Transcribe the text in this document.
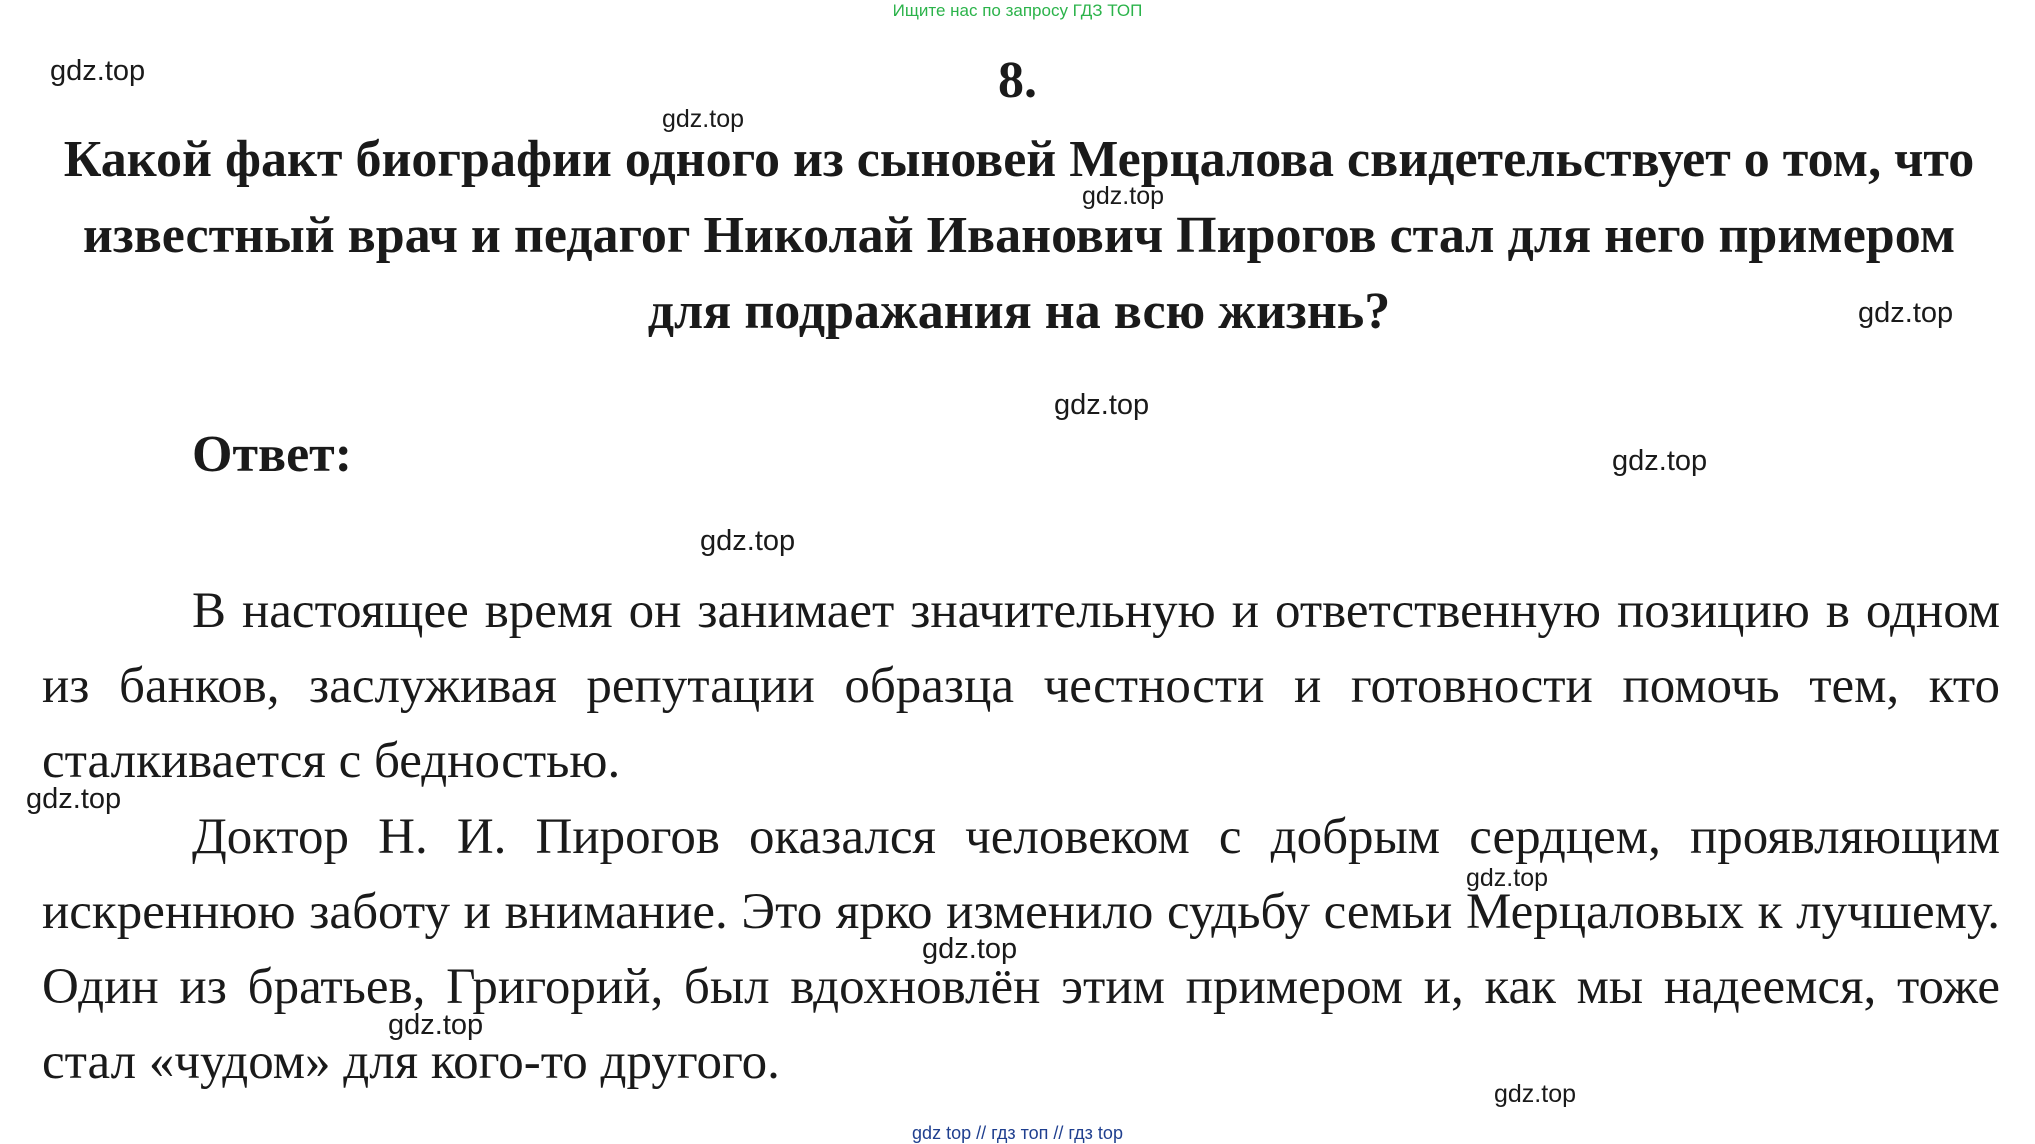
Ищите нас по запросу ГДЗ ТОП
8.
Какой факт биографии одного из сыновей Мерцалова свидетельствует о том, что известный врач и педагог Николай Иванович Пирогов стал для него примером для подражания на всю жизнь?
Ответ:

В настоящее время он занимает значительную и ответственную позицию в одном из банков, заслуживая репутации образца честности и готовности помочь тем, кто сталкивается с бедностью.

Доктор Н. И. Пирогов оказался человеком с добрым сердцем, проявляющим искреннюю заботу и внимание. Это ярко изменило судьбу семьи Мерцаловых к лучшему. Один из братьев, Григорий, был вдохновлён этим примером и, как мы надеемся, тоже стал «чудом» для кого-то другого.

gdz.top
gdz.top
gdz.top
gdz.top
gdz.top
gdz.top
gdz.top
gdz.top
gdz.top
gdz.top
gdz.top
gdz.top
gdz top // гдз топ // гдз top
